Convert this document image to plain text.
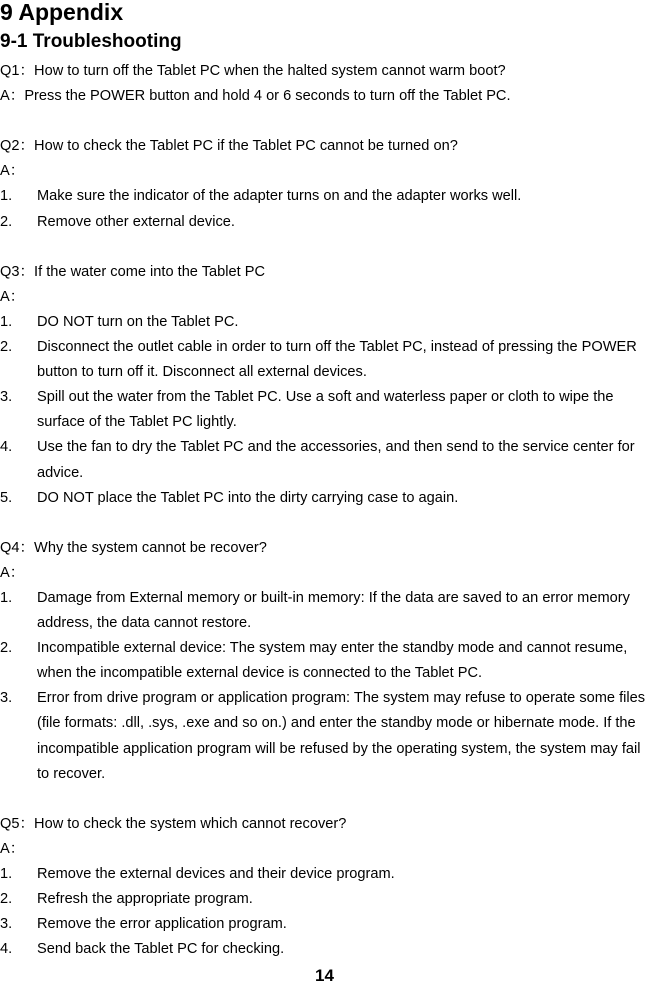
9 Appendix
9-1 Troubleshooting
Q1：How to turn off the Tablet PC when the halted system cannot warm boot?
A：Press the POWER button and hold 4 or 6 seconds to turn off the Tablet PC.
Q2：How to check the Tablet PC if the Tablet PC cannot be turned on?
A：
1. Make sure the indicator of the adapter turns on and the adapter works well.
2. Remove other external device.
Q3：If the water come into the Tablet PC
A：
1. DO NOT turn on the Tablet PC.
2. Disconnect the outlet cable in order to turn off the Tablet PC, instead of pressing the POWER button to turn off it. Disconnect all external devices.
3. Spill out the water from the Tablet PC. Use a soft and waterless paper or cloth to wipe the surface of the Tablet PC lightly.
4. Use the fan to dry the Tablet PC and the accessories, and then send to the service center for advice.
5. DO NOT place the Tablet PC into the dirty carrying case to again.
Q4：Why the system cannot be recover?
A：
1. Damage from External memory or built-in memory: If the data are saved to an error memory address, the data cannot restore.
2. Incompatible external device: The system may enter the standby mode and cannot resume, when the incompatible external device is connected to the Tablet PC.
3. Error from drive program or application program: The system may refuse to operate some files (file formats: .dll, .sys, .exe and so on.) and enter the standby mode or hibernate mode. If the incompatible application program will be refused by the operating system, the system may fail to recover.
Q5：How to check the system which cannot recover?
A：
1. Remove the external devices and their device program.
2. Refresh the appropriate program.
3. Remove the error application program.
4. Send back the Tablet PC for checking.
14
